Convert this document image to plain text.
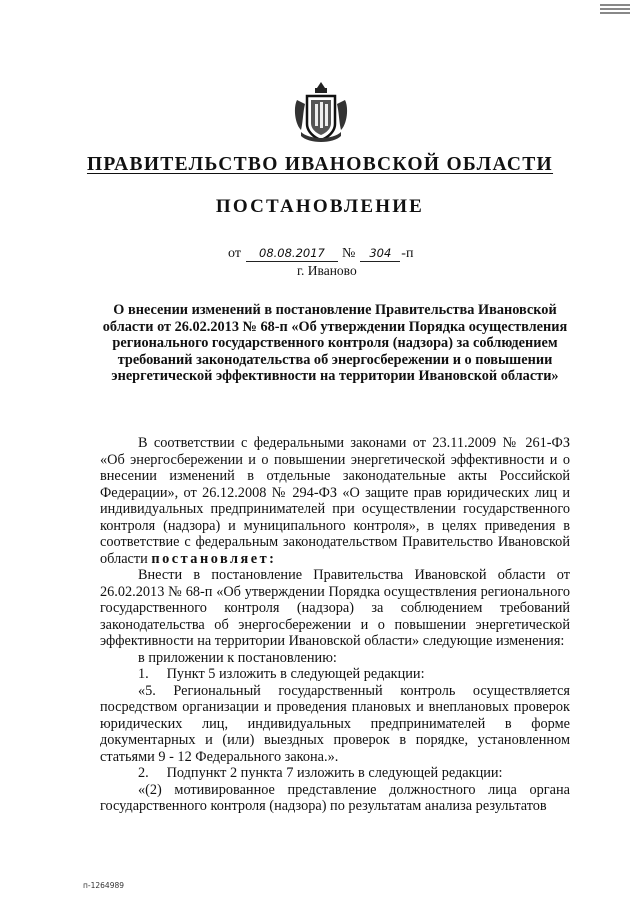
ПРАВИТЕЛЬСТВО ИВАНОВСКОЙ ОБЛАСТИ
ПОСТАНОВЛЕНИЕ
от 08.08.2017 № 304 -п
г. Иваново
О внесении изменений в постановление Правительства Ивановской области от 26.02.2013 № 68-п «Об утверждении Порядка осуществления регионального государственного контроля (надзора) за соблюдением требований законодательства об энергосбережении и о повышении энергетической эффективности на территории Ивановской области»

В соответствии с федеральными законами от 23.11.2009 № 261-ФЗ «Об энергосбережении и о повышении энергетической эффективности и о внесении изменений в отдельные законодательные акты Российской Федерации», от 26.12.2008 № 294-ФЗ «О защите прав юридических лиц и индивидуальных предпринимателей при осуществлении государственного контроля (надзора) и муниципального контроля», в целях приведения в соответствие с федеральным законодательством Правительство Ивановской области постановляет:

Внести в постановление Правительства Ивановской области от 26.02.2013 № 68-п «Об утверждении Порядка осуществления регионального государственного контроля (надзора) за соблюдением требований законодательства об энергосбережении и о повышении энергетической эффективности на территории Ивановской области» следующие изменения:

в приложении к постановлению:

1.     Пункт 5 изложить в следующей редакции:

«5. Региональный государственный контроль осуществляется посредством организации и проведения плановых и внеплановых проверок юридических лиц, индивидуальных предпринимателей в форме документарных и (или) выездных проверок в порядке, установленном статьями 9 - 12 Федерального закона.».

2.     Подпункт 2 пункта 7 изложить в следующей редакции:

«(2) мотивированное представление должностного лица органа государственного контроля (надзора) по результатам анализа результатов

п-1264989
